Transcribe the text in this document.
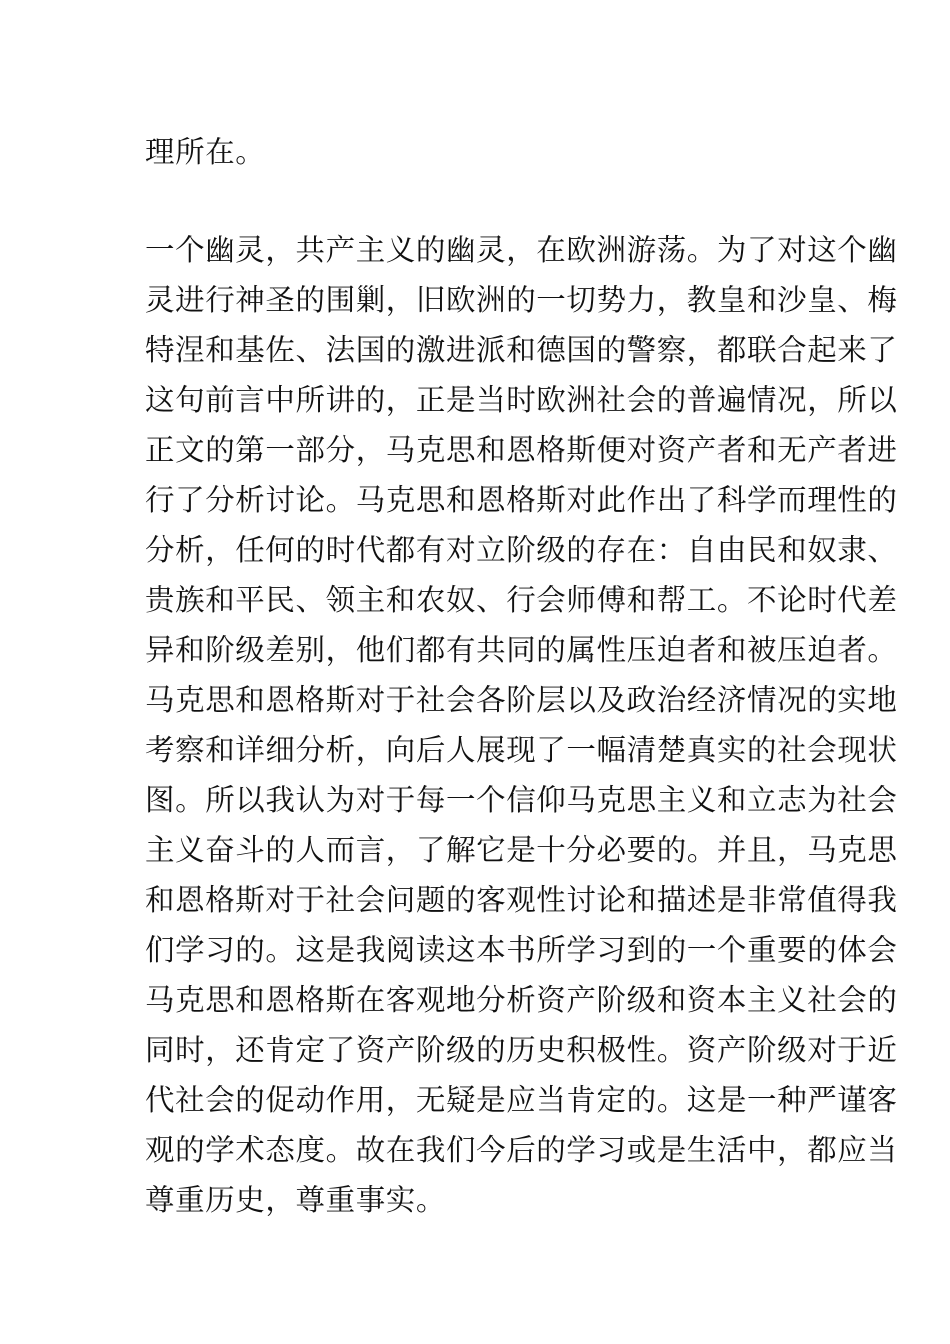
理所在。
一个幽灵，共产主义的幽灵，在欧洲游荡。为了对这个幽
灵进行神圣的围剿，旧欧洲的一切势力，教皇和沙皇、梅
特涅和基佐、法国的激进派和德国的警察，都联合起来了
这句前言中所讲的，正是当时欧洲社会的普遍情况，所以
正文的第一部分，马克思和恩格斯便对资产者和无产者进
行了分析讨论。马克思和恩格斯对此作出了科学而理性的
分析，任何的时代都有对立阶级的存在：自由民和奴隶、
贵族和平民、领主和农奴、行会师傅和帮工。不论时代差
异和阶级差别，他们都有共同的属性压迫者和被压迫者。
马克思和恩格斯对于社会各阶层以及政治经济情况的实地
考察和详细分析，向后人展现了一幅清楚真实的社会现状
图。所以我认为对于每一个信仰马克思主义和立志为社会
主义奋斗的人而言，了解它是十分必要的。并且，马克思
和恩格斯对于社会问题的客观性讨论和描述是非常值得我
们学习的。这是我阅读这本书所学习到的一个重要的体会
马克思和恩格斯在客观地分析资产阶级和资本主义社会的
同时，还肯定了资产阶级的历史积极性。资产阶级对于近
代社会的促动作用，无疑是应当肯定的。这是一种严谨客
观的学术态度。故在我们今后的学习或是生活中，都应当
尊重历史，尊重事实。
